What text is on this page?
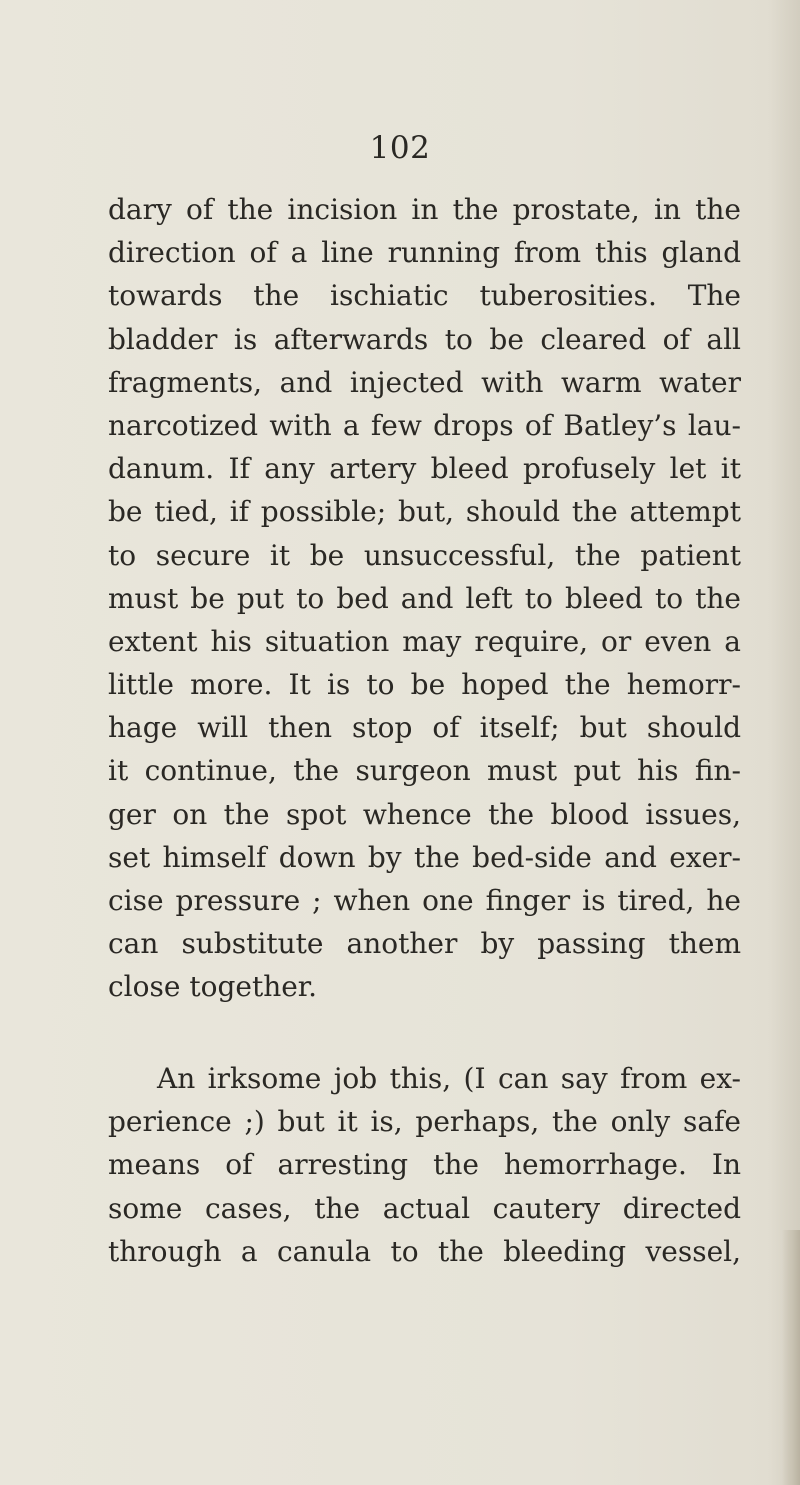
102
dary of the incision in the prostate, in the
direction of a line running from this gland
towards the ischiatic tuberosities. The
bladder is afterwards to be cleared of all
fragments, and injected with warm water
narcotized with a few drops of Batley’s lau-
danum. If any artery bleed profusely let it
be tied, if possible; but, should the attempt
to secure it be unsuccessful, the patient
must be put to bed and left to bleed to the
extent his situation may require, or even a
little more. It is to be hoped the hemorr-
hage will then stop of itself; but should
it continue, the surgeon must put his fin-
ger on the spot whence the blood issues,
set himself down by the bed-side and exer-
cise pressure ; when one finger is tired, he
can substitute another by passing them
close together.
An irksome job this, (I can say from ex-
perience ;) but it is, perhaps, the only safe
means of arresting the hemorrhage. In
some cases, the actual cautery directed
through a canula to the bleeding vessel,
